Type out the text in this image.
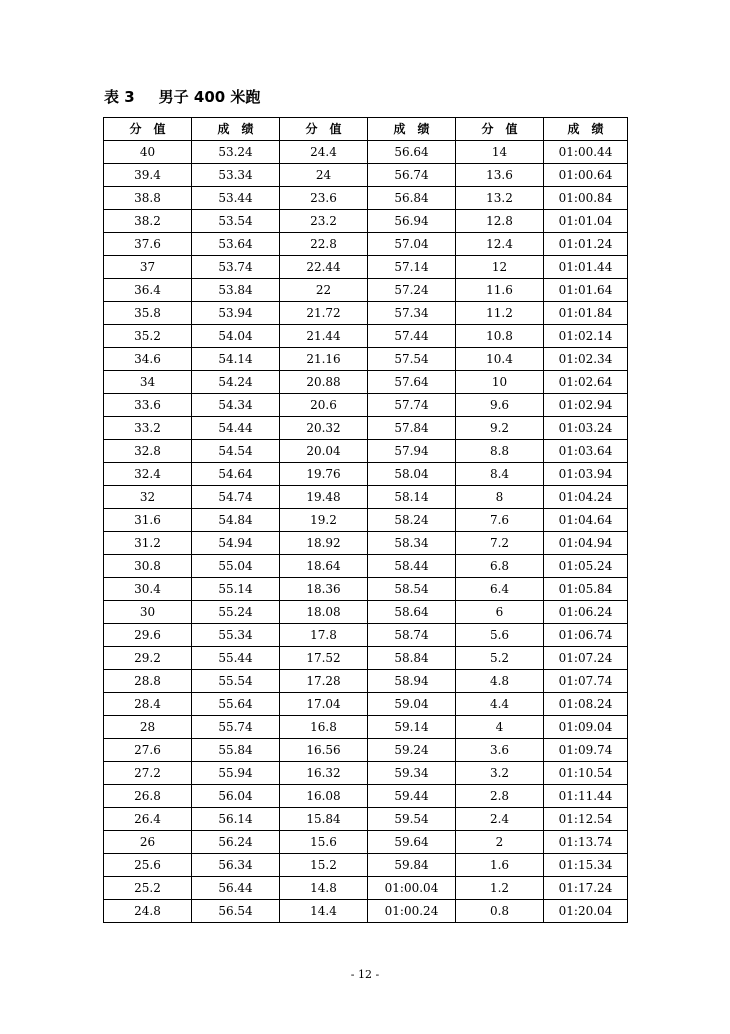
表 3 男子 400 米跑
分　值	成　绩	分　值	成　绩	分　值	成　绩
40	53.24	24.4	56.64	14	01:00.44
39.4	53.34	24	56.74	13.6	01:00.64
38.8	53.44	23.6	56.84	13.2	01:00.84
38.2	53.54	23.2	56.94	12.8	01:01.04
37.6	53.64	22.8	57.04	12.4	01:01.24
37	53.74	22.44	57.14	12	01:01.44
36.4	53.84	22	57.24	11.6	01:01.64
35.8	53.94	21.72	57.34	11.2	01:01.84
35.2	54.04	21.44	57.44	10.8	01:02.14
34.6	54.14	21.16	57.54	10.4	01:02.34
34	54.24	20.88	57.64	10	01:02.64
33.6	54.34	20.6	57.74	9.6	01:02.94
33.2	54.44	20.32	57.84	9.2	01:03.24
32.8	54.54	20.04	57.94	8.8	01:03.64
32.4	54.64	19.76	58.04	8.4	01:03.94
32	54.74	19.48	58.14	8	01:04.24
31.6	54.84	19.2	58.24	7.6	01:04.64
31.2	54.94	18.92	58.34	7.2	01:04.94
30.8	55.04	18.64	58.44	6.8	01:05.24
30.4	55.14	18.36	58.54	6.4	01:05.84
30	55.24	18.08	58.64	6	01:06.24
29.6	55.34	17.8	58.74	5.6	01:06.74
29.2	55.44	17.52	58.84	5.2	01:07.24
28.8	55.54	17.28	58.94	4.8	01:07.74
28.4	55.64	17.04	59.04	4.4	01:08.24
28	55.74	16.8	59.14	4	01:09.04
27.6	55.84	16.56	59.24	3.6	01:09.74
27.2	55.94	16.32	59.34	3.2	01:10.54
26.8	56.04	16.08	59.44	2.8	01:11.44
26.4	56.14	15.84	59.54	2.4	01:12.54
26	56.24	15.6	59.64	2	01:13.74
25.6	56.34	15.2	59.84	1.6	01:15.34
25.2	56.44	14.8	01:00.04	1.2	01:17.24
24.8	56.54	14.4	01:00.24	0.8	01:20.04
- 12 -
